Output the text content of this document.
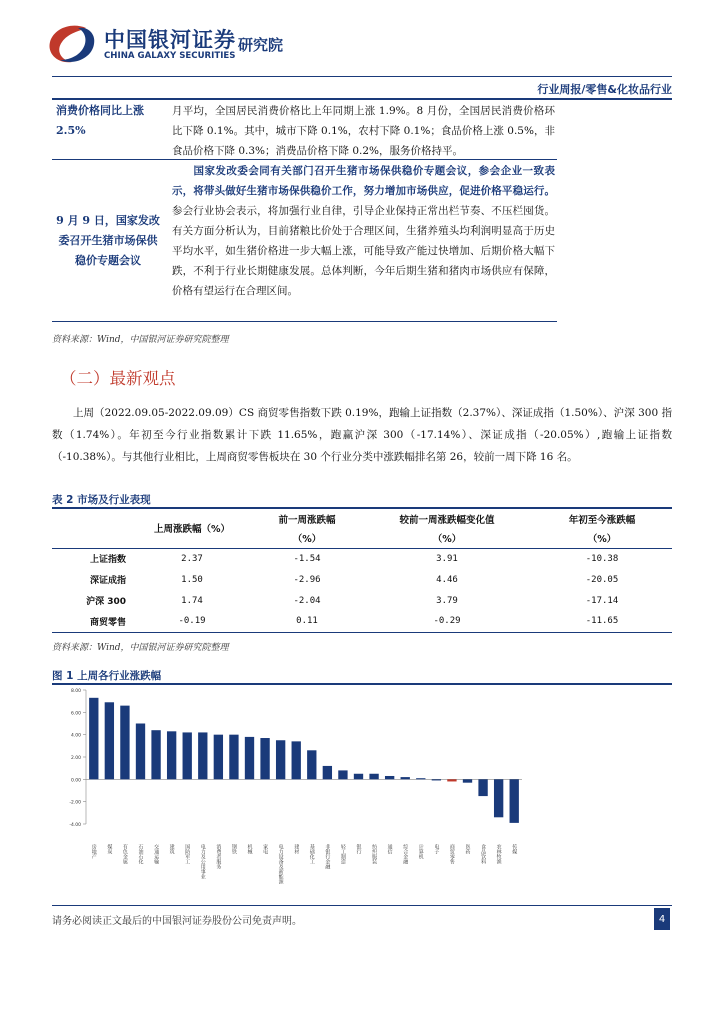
中国银河证券
CHINA GALAXY SECURITIES
研究院
行业周报/零售&化妆品行业
消费价格同比上涨 2.5%
月平均，全国居民消费价格比上年同期上涨 1.9%。8 月份，全国居民消费价格环比下降 0.1%。其中，城市下降 0.1%，农村下降 0.1%；食品价格上涨 0.5%，非食品价格下降 0.3%；消费品价格下降 0.2%，服务价格持平。
9 月 9 日，国家发改委召开生猪市场保供稳价专题会议
国家发改委会同有关部门召开生猪市场保供稳价专题会议，参会企业一致表示，将带头做好生猪市场保供稳价工作，努力增加市场供应，促进价格平稳运行。参会行业协会表示，将加强行业自律，引导企业保持正常出栏节奏、不压栏囤货。有关方面分析认为，目前猪粮比价处于合理区间，生猪养殖头均利润明显高于历史平均水平，如生猪价格进一步大幅上涨，可能导致产能过快增加、后期价格大幅下跌，不利于行业长期健康发展。总体判断，今年后期生猪和猪肉市场供应有保障，价格有望运行在合理区间。
资料来源：Wind，中国银河证券研究院整理
（二）最新观点
上周（2022.09.05-2022.09.09）CS 商贸零售指数下跌 0.19%，跑输上证指数（2.37%）、深证成指（1.50%）、沪深 300 指数（1.74%）。年初至今行业指数累计下跌 11.65%，跑赢沪深 300（-17.14%）、深证成指（-20.05%）,跑输上证指数（-10.38%）。与其他行业相比，上周商贸零售板块在 30 个行业分类中涨跌幅排名第 26，较前一周下降 16 名。
表 2 市场及行业表现
	上周涨跌幅（%）	前一周涨跌幅	较前一周涨跌幅变化值	年初至今涨跌幅
		（%）	（%）	（%）
上证指数	2.37	-1.54	3.91	-10.38
深证成指	1.50	-2.96	4.46	-20.05
沪深 300	1.74	-2.04	3.79	-17.14
商贸零售	-0.19	0.11	-0.29	-11.65
资料来源：Wind，中国银河证券研究院整理
图 1 上周各行业涨跌幅
8.00
6.00
4.00
2.00
0.00
-2.00
-4.00
房地产 煤炭 有色金属 石油石化 交通运输 建筑 国防军工 电力及公用事业 消费者服务 钢铁 机械 家电 电力设备及新能源 建材 基础化工 非银行金融 轻工制造 银行 纺织服装 通信 综合金融 计算机 电子 商贸零售 医药 食品饮料 农林牧渔 传媒
请务必阅读正文最后的中国银河证券股份公司免责声明。	4
